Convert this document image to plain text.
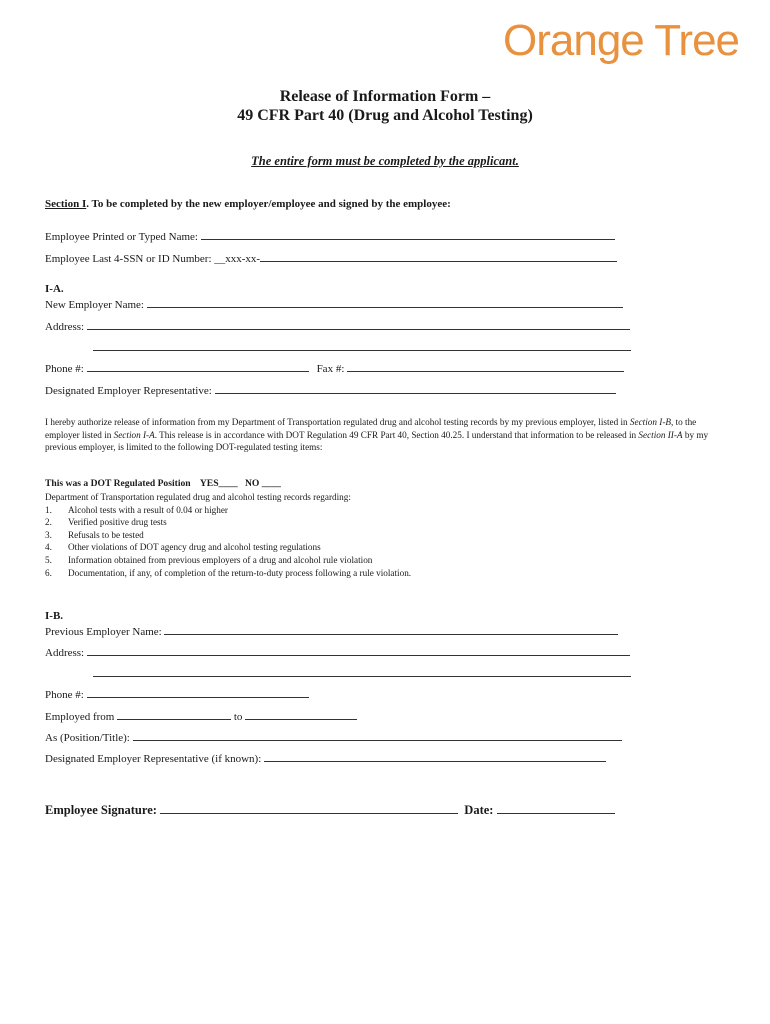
Orange Tree
Release of Information Form –
49 CFR Part 40 (Drug and Alcohol Testing)
The entire form must be completed by the applicant.
Section I. To be completed by the new employer/employee and signed by the employee:
Employee Printed or Typed Name:
Employee Last 4-SSN or ID Number: __xxx-xx-
I-A.
New Employer Name:
Address:
Phone #:	Fax #:
Designated Employer Representative:
I hereby authorize release of information from my Department of Transportation regulated drug and alcohol testing records by my previous employer, listed in Section I-B, to the employer listed in Section I-A. This release is in accordance with DOT Regulation 49 CFR Part 40, Section 40.25. I understand that information to be released in Section II-A by my previous employer, is limited to the following DOT-regulated testing items:
This was a DOT Regulated Position YES____ NO ____
Department of Transportation regulated drug and alcohol testing records regarding:
1.	Alcohol tests with a result of 0.04 or higher
2.	Verified positive drug tests
3.	Refusals to be tested
4.	Other violations of DOT agency drug and alcohol testing regulations
5.	Information obtained from previous employers of a drug and alcohol rule violation
6.	Documentation, if any, of completion of the return-to-duty process following a rule violation.
I-B.
Previous Employer Name:
Address:
Phone #:
Employed from	to
As (Position/Title):
Designated Employer Representative (if known):
Employee Signature:	Date:
